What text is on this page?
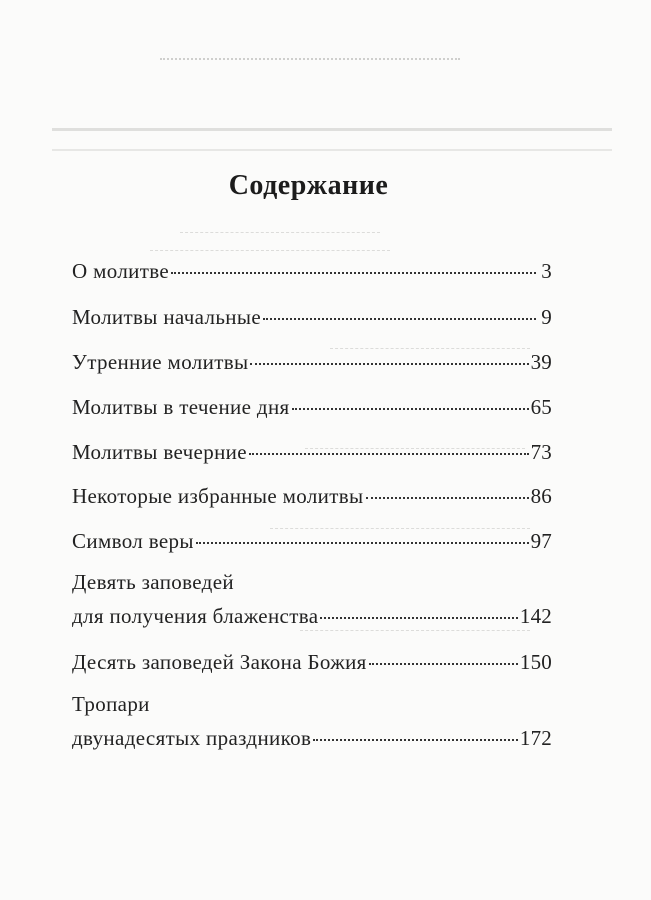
Содержание
О молитве	3
Молитвы начальные	9
Утренние молитвы	39
Молитвы в течение дня	65
Молитвы вечерние	73
Некоторые избранные молитвы	86
Символ веры	97
Девять заповедей
для получения блаженства	142
Десять заповедей Закона Божия	150
Тропари
двунадесятых праздников	172
